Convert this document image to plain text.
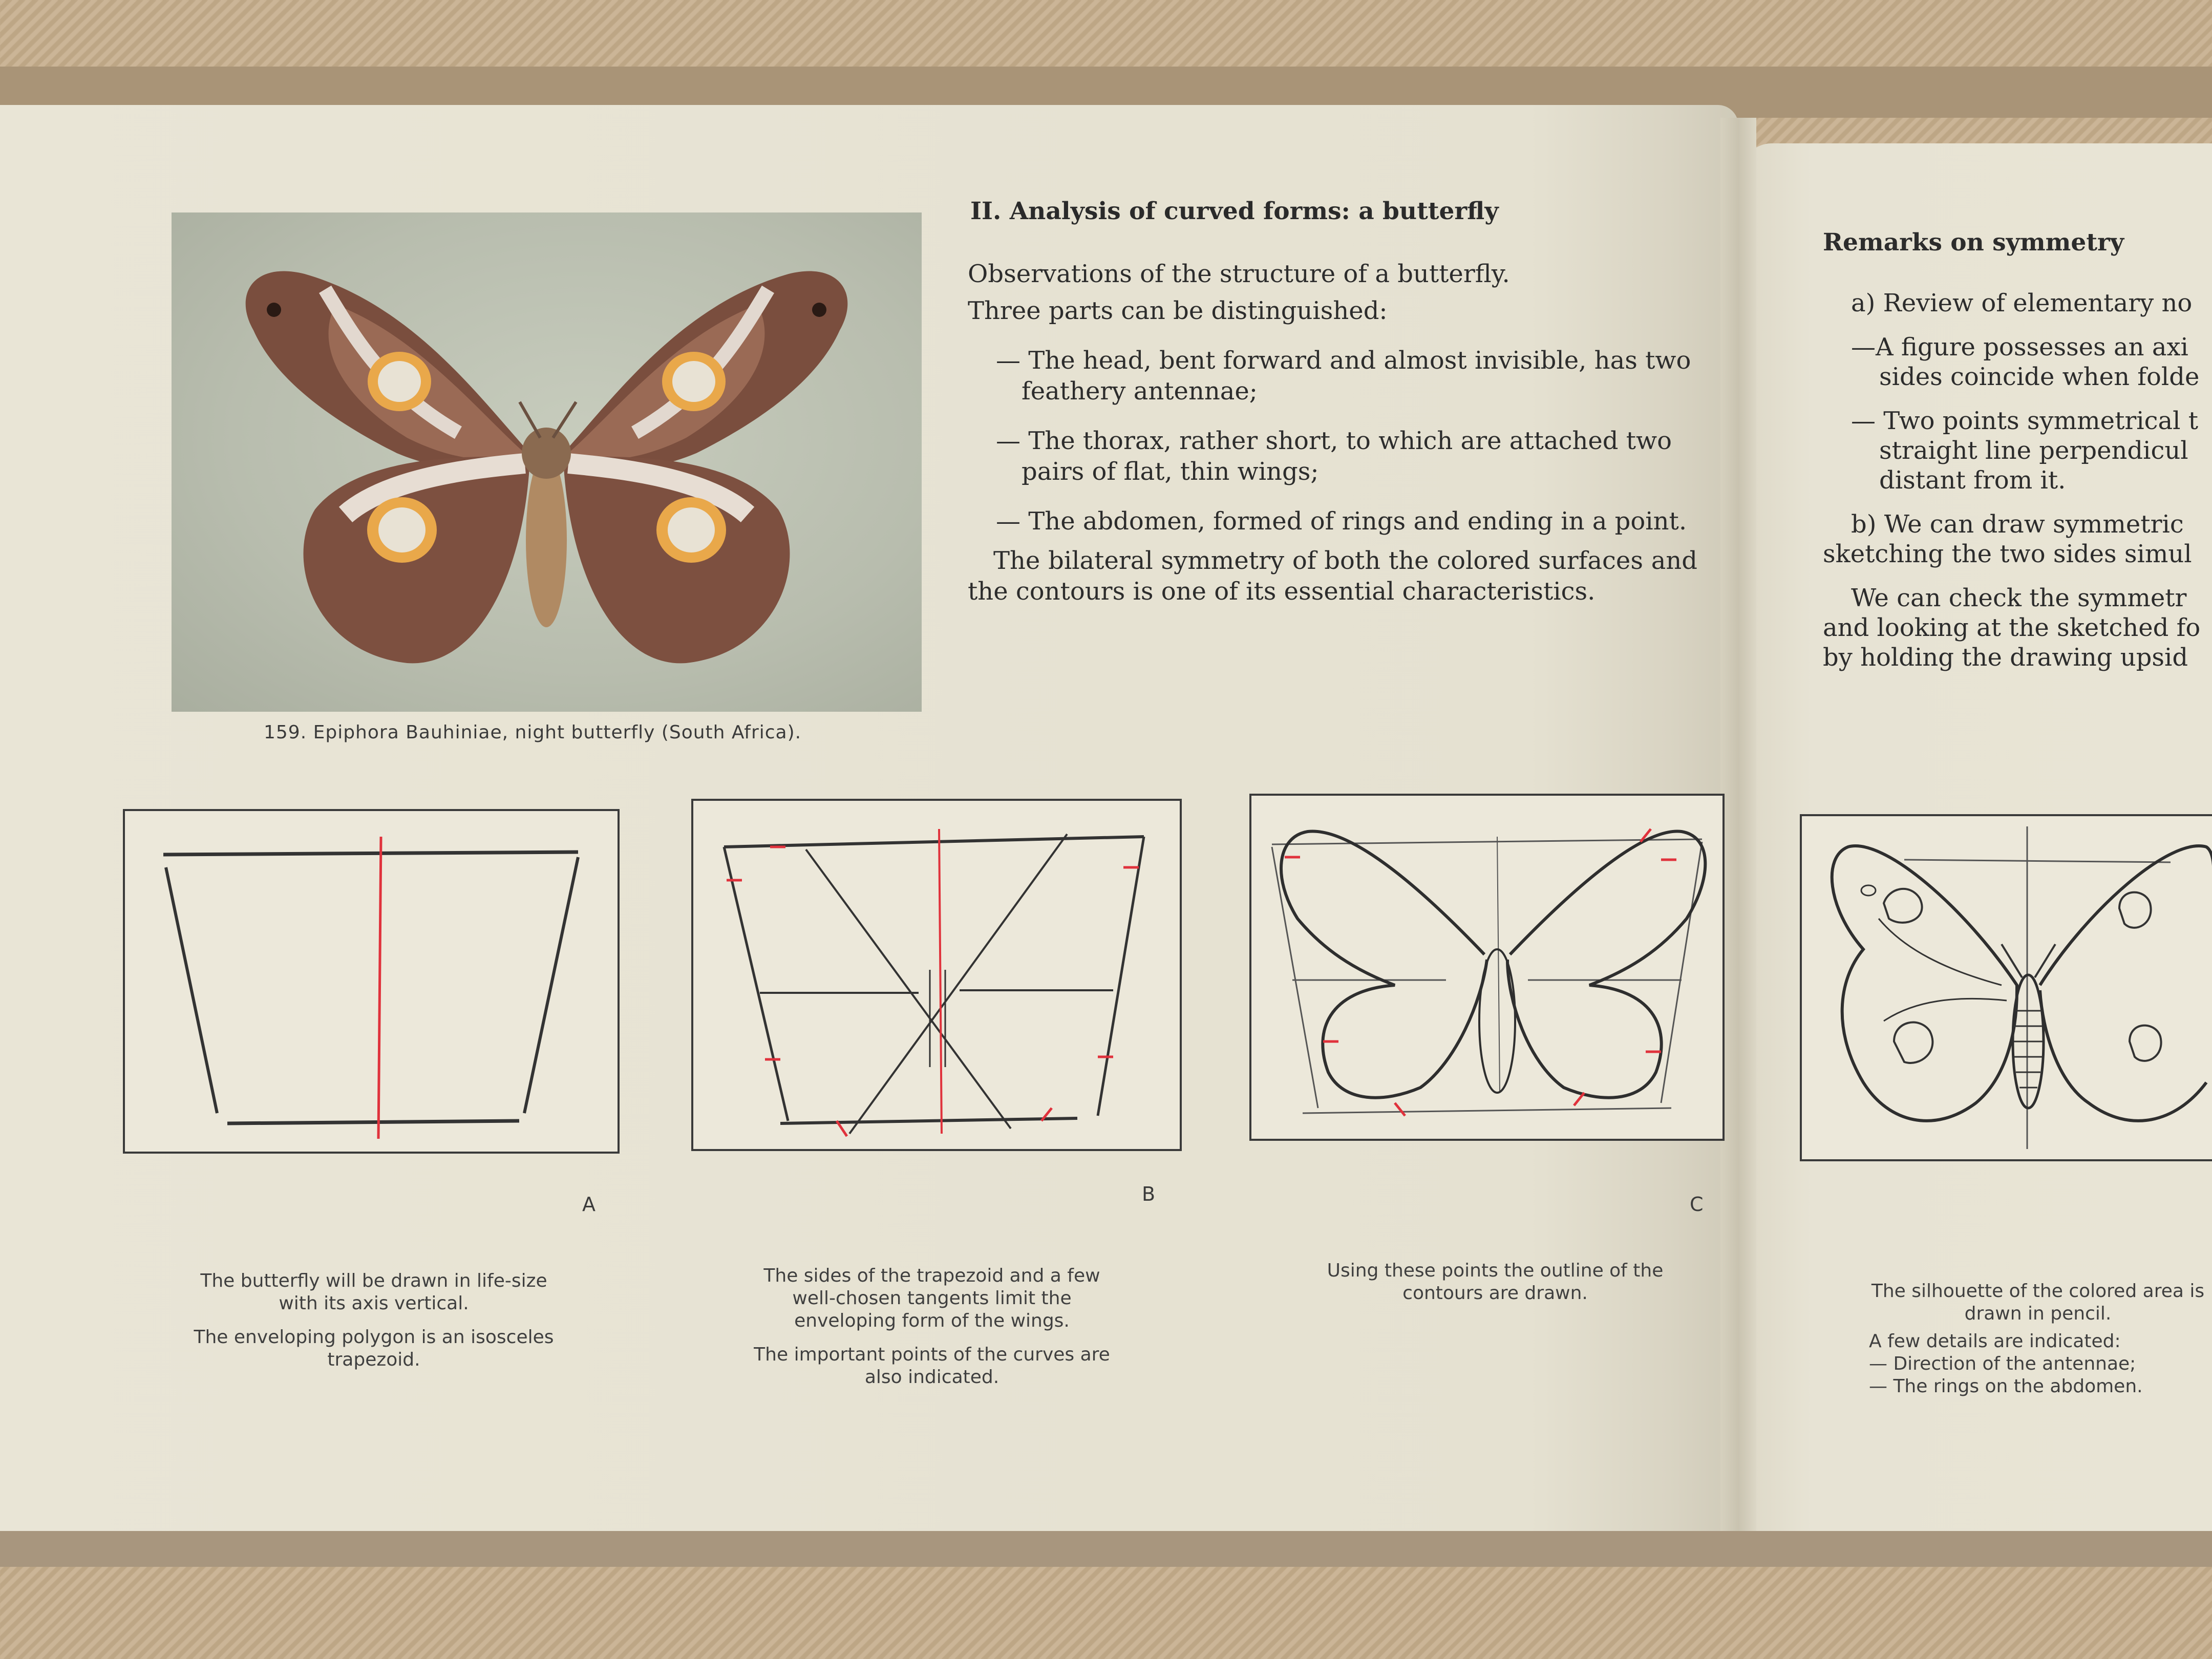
159. Epiphora Bauhiniae, night butterfly (South Africa).
II. Analysis of curved forms: a butterfly

Observations of the structure of a butterfly.

Three parts can be distinguished:

— The head, bent forward and almost invisible, has two feathery antennae;

— The thorax, rather short, to which are attached two pairs of flat, thin wings;

— The abdomen, formed of rings and ending in a point.

The bilateral symmetry of both the colored surfaces and the contours is one of its essential characteristics.

Remarks on symmetry

a) Review of elementary no

—A figure possesses an axi

sides coincide when folde

— Two points symmetrical t

straight line perpendicul

distant from it.

b) We can draw symmetric

sketching the two sides simul

We can check the symmetr

and looking at the sketched fo

by holding the drawing upsid

A	B	C

The butterfly will be drawn in life-size with its axis vertical.

The enveloping polygon is an isosceles trapezoid.

The sides of the trapezoid and a few well-chosen tangents limit the enveloping form of the wings.

The important points of the curves are also indicated.

Using these points the outline of the contours are drawn.	The silhouette of the colored area is drawn in pencil.

A few details are indicated:
— Direction of the antennae;
— The rings on the abdomen.
